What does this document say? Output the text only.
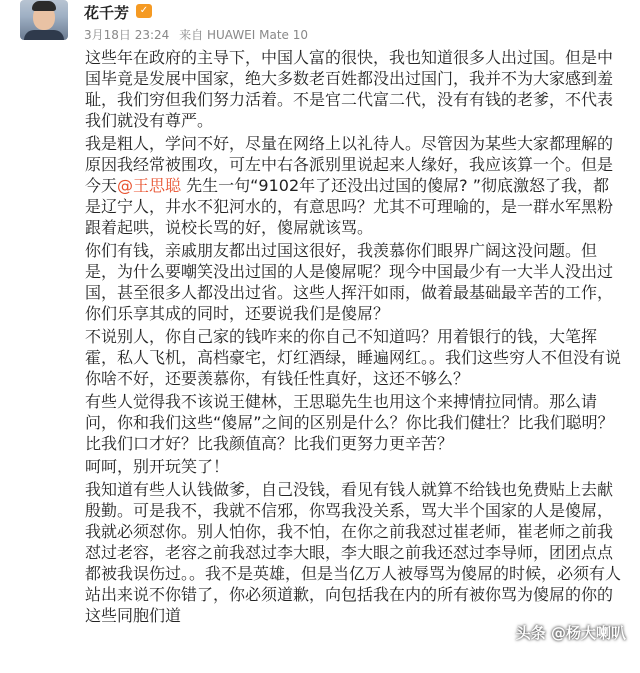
花千芳	✓
3月18日 23:24 来自 HUAWEI Mate 10

这些年在政府的主导下，中国人富的很快，我也知道很多人出过国。但是中国毕竟是发展中国家，绝大多数老百姓都没出过国门，我并不为大家感到羞耻，我们穷但我们努力活着。不是官二代富二代，没有有钱的老爹，不代表我们就没有尊严。

我是粗人，学问不好，尽量在网络上以礼待人。尽管因为某些大家都理解的原因我经常被围攻，可左中右各派别里说起来人缘好，我应该算一个。但是今天@王思聪 先生一句“9102年了还没出过国的傻屌? ”彻底激怒了我，都是辽宁人，井水不犯河水的，有意思吗？尤其不可理喻的，是一群水军黑粉跟着起哄，说校长骂的好，傻屌就该骂。

你们有钱，亲戚朋友都出过国这很好，我羡慕你们眼界广阔这没问题。但是，为什么要嘲笑没出过国的人是傻屌呢？现今中国最少有一大半人没出过国，甚至很多人都没出过省。这些人挥汗如雨，做着最基础最辛苦的工作，你们乐享其成的同时，还要说我们是傻屌？

不说别人，你自己家的钱咋来的你自己不知道吗？用着银行的钱，大笔挥霍，私人飞机，高档豪宅，灯红酒绿，睡遍网红。。我们这些穷人不但没有说你啥不好，还要羡慕你，有钱任性真好，这还不够么？

有些人觉得我不该说王健林，王思聪先生也用这个来搏情拉同情。那么请问，你和我们这些“傻屌”之间的区别是什么？你比我们健壮？比我们聪明？比我们口才好？比我颜值高？比我们更努力更辛苦？

呵呵，别开玩笑了！

我知道有些人认钱做爹，自己没钱，看见有钱人就算不给钱也免费贴上去献殷勤。可是我不，我就不信邪，你骂我没关系，骂大半个国家的人是傻屌，我就必须怼你。别人怕你，我不怕，在你之前我怼过崔老师，崔老师之前我怼过老容，老容之前我怼过李大眼，李大眼之前我还怼过李导师，团团点点都被我误伤过。。我不是英雄，但是当亿万人被辱骂为傻屌的时候，必须有人站出来说不你错了，你必须道歉，向包括我在内的所有被你骂为傻屌的你的这些同胞们道

头条 @杨大喇叭
